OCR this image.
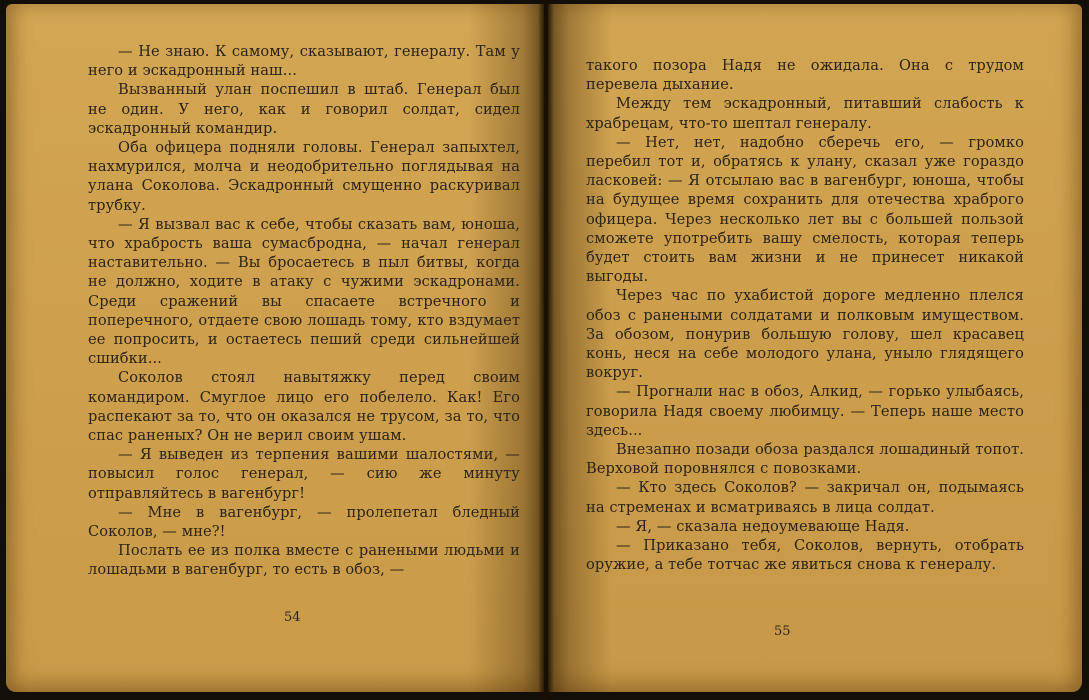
— Не знаю. К самому, сказывают, генералу. Там у него и эскадронный наш...

Вызванный улан поспешил в штаб. Генерал был не один. У него, как и говорил солдат, сидел эскадронный командир.

Оба офицера подняли головы. Генерал запыхтел, нахмурился, молча и неодобрительно поглядывая на улана Соколова. Эскадронный смущенно раскуривал трубку.

— Я вызвал вас к себе, чтобы сказать вам, юноша, что храбрость ваша сумасбродна, — начал генерал наставительно. — Вы бросаетесь в пыл битвы, когда не должно, ходите в атаку с чужими эскадронами. Среди сражений вы спасаете встречного и поперечного, отдаете свою лошадь тому, кто вздумает ее попросить, и остаетесь пеший среди сильнейшей сшибки...

Соколов стоял навытяжку перед своим командиром. Смуглое лицо его побелело. Как! Его распекают за то, что он оказался не трусом, за то, что спас раненых? Он не верил своим ушам.

— Я выведен из терпения вашими шалостями, — повысил голос генерал, — сию же минуту отправляйтесь в вагенбург!

— Мне в вагенбург, — пролепетал бледный Соколов, — мне?!

Послать ее из полка вместе с ранеными людьми и лошадьми в вагенбург, то есть в обоз, —

54

такого позора Надя не ожидала. Она с трудом перевела дыхание.

Между тем эскадронный, питавший слабость к храбрецам, что-то шептал генералу.

— Нет, нет, надобно сберечь его, — громко перебил тот и, обратясь к улану, сказал уже гораздо ласковей: — Я отсылаю вас в вагенбург, юноша, чтобы на будущее время сохранить для отечества храброго офицера. Через несколько лет вы с большей пользой сможете употребить вашу смелость, которая теперь будет стоить вам жизни и не принесет никакой выгоды.

Через час по ухабистой дороге медленно плелся обоз с ранеными солдатами и полковым имуществом. За обозом, понурив большую голову, шел красавец конь, неся на себе молодого улана, уныло глядящего вокруг.

— Прогнали нас в обоз, Алкид, — горько улыбаясь, говорила Надя своему любимцу. — Теперь наше место здесь...

Внезапно позади обоза раздался лошадиный топот. Верховой поровнялся с повозками.

— Кто здесь Соколов? — закричал он, подымаясь на стременах и всматриваясь в лица солдат.

— Я, — сказала недоумевающе Надя.

— Приказано тебя, Соколов, вернуть, отобрать оружие, а тебе тотчас же явиться снова к генералу.

55
